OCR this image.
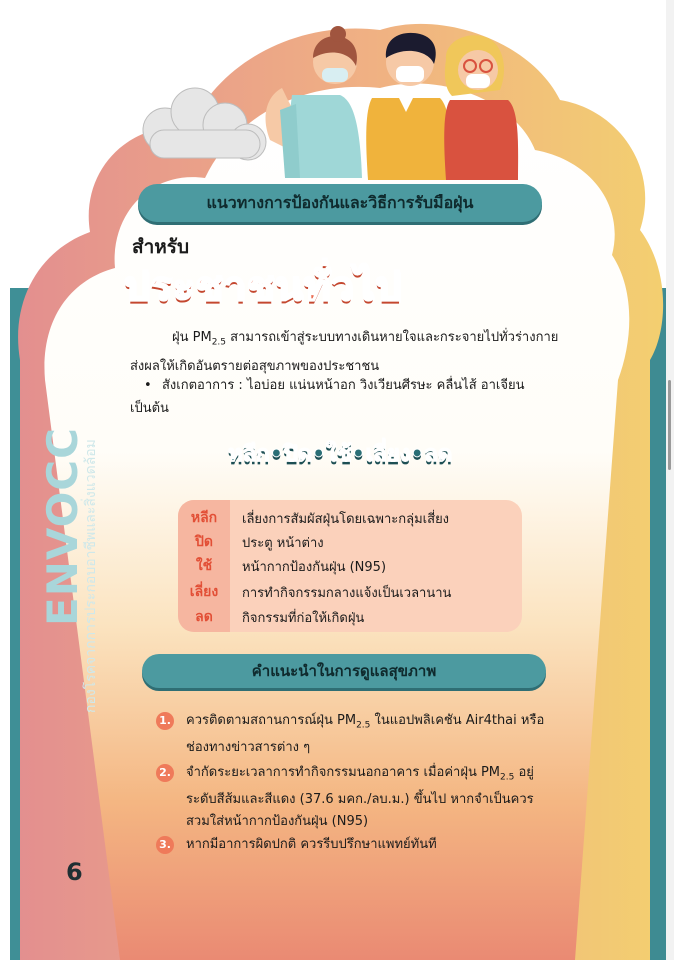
ENVOCC
กองโรคจากการประกอบอาชีพและสิ่งแวดล้อม
6
แนวทางการป้องกันและวิธีการรับมือฝุ่น
สำหรับ
ประชาชนทั่วไป
ฝุ่น $PM_{2.5}$ สามารถเข้าสู่ระบบทางเดินหายใจและกระจายไปทั่วร่างกาย ส่งผลให้เกิดอันตรายต่อสุขภาพของประชาชน
• สังเกตอาการ : ไอบ่อย แน่นหน้าอก วิงเวียนศีรษะ คลื่นไส้ อาเจียน เป็นต้น
หลีก•ปิด•ใช้•เลี่ยง•ลด
หลีก	เลี่ยงการสัมผัสฝุ่นโดยเฉพาะกลุ่มเสี่ยง
ปิด	ประตู หน้าต่าง
ใช้	หน้ากากป้องกันฝุ่น (N95)
เลี่ยง	การทำกิจกรรมกลางแจ้งเป็นเวลานาน
ลด	กิจกรรมที่ก่อให้เกิดฝุ่น
คำแนะนำในการดูแลสุขภาพ
1. ควรติดตามสถานการณ์ฝุ่น $PM_{2.5}$ ในแอปพลิเคชัน Air4thai หรือช่องทางข่าวสารต่าง ๆ
2. จำกัดระยะเวลาการทำกิจกรรมนอกอาคาร เมื่อค่าฝุ่น $PM_{2.5}$ อยู่ระดับสีส้มและสีแดง (37.6 มคก./ลบ.ม.) ขึ้นไป หากจำเป็นควรสวมใส่หน้ากากป้องกันฝุ่น (N95)
3. หากมีอาการผิดปกติ ควรรีบปรึกษาแพทย์ทันที
